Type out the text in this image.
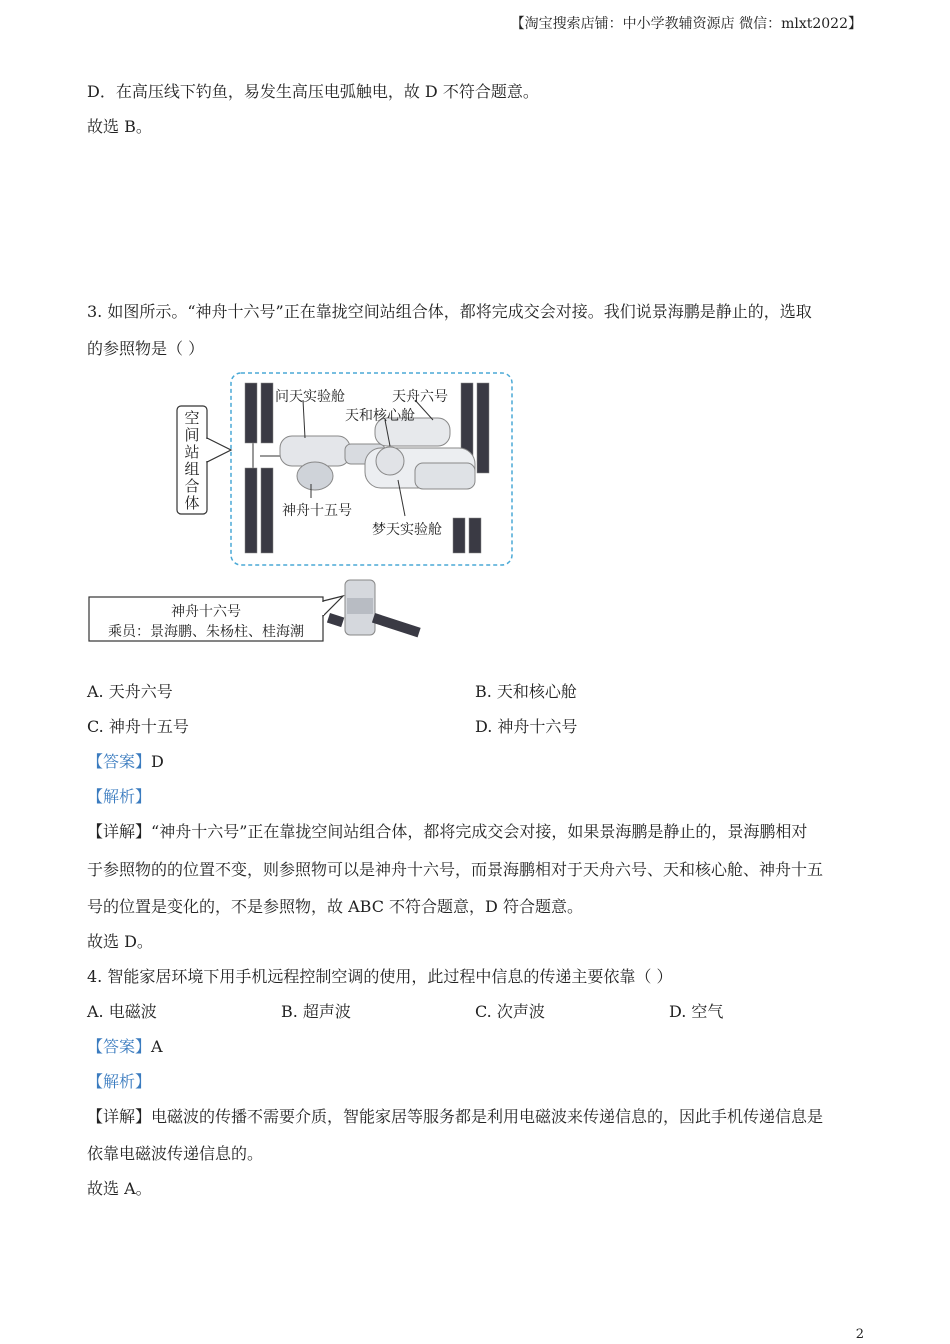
【淘宝搜索店铺：中小学教辅资源店 微信：mlxt2022】
D．在高压线下钓鱼，易发生高压电弧触电，故 D 不符合题意。
故选 B。
3. 如图所示。“神舟十六号”正在靠拢空间站组合体，都将完成交会对接。我们说景海鹏是静止的，选取
的参照物是（ ）
空间站组合体
问天实验舱	天舟六号
天和核心舱
神舟十五号
梦天实验舱
神舟十六号
乘员：景海鹏、朱杨柱、桂海潮
A. 天舟六号	B. 天和核心舱
C. 神舟十五号	D. 神舟十六号
【答案】D
【解析】
【详解】“神舟十六号”正在靠拢空间站组合体，都将完成交会对接，如果景海鹏是静止的，景海鹏相对
于参照物的的位置不变，则参照物可以是神舟十六号，而景海鹏相对于天舟六号、天和核心舱、神舟十五
号的位置是变化的，不是参照物，故 ABC 不符合题意，D 符合题意。
故选 D。
4. 智能家居环境下用手机远程控制空调的使用，此过程中信息的传递主要依靠（ ）
A. 电磁波	B. 超声波	C. 次声波	D. 空气
【答案】A
【解析】
【详解】电磁波的传播不需要介质，智能家居等服务都是利用电磁波来传递信息的，因此手机传递信息是
依靠电磁波传递信息的。
故选 A。
2
